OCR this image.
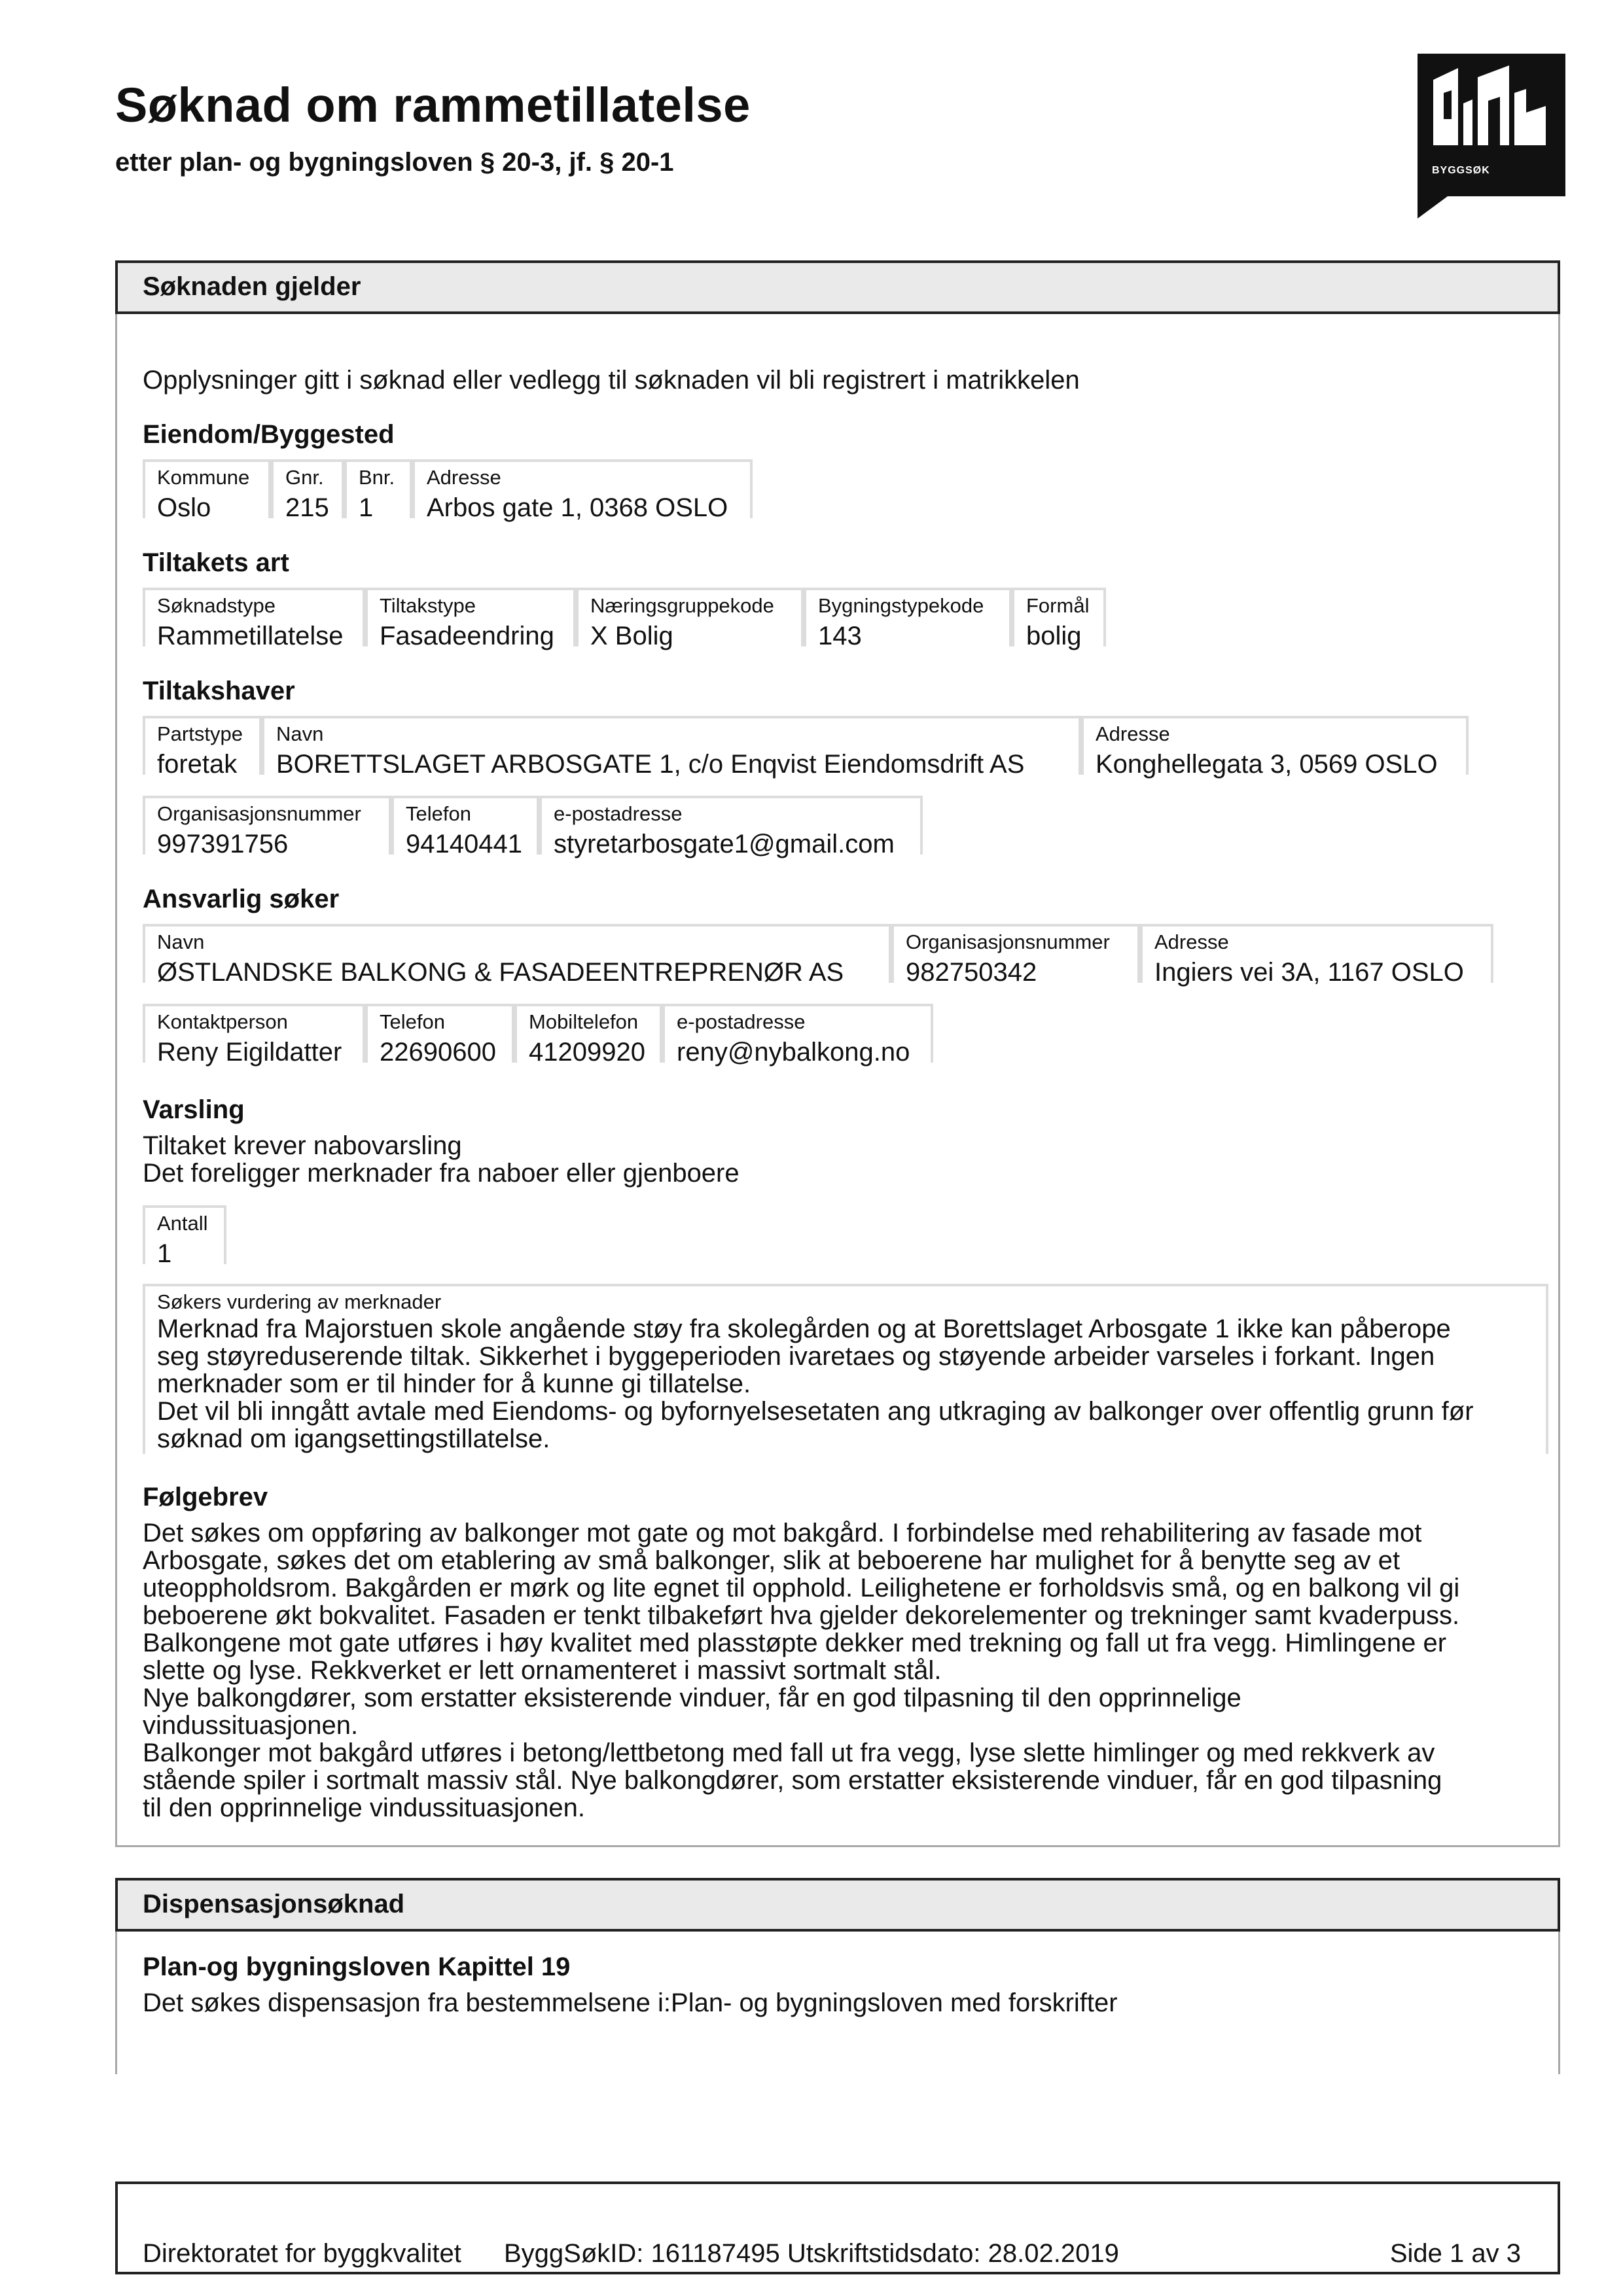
Søknad om rammetillatelse
etter plan- og bygningsloven § 20-3, jf. § 20-1	BYGGSØK
Søknaden gjelder
Opplysninger gitt i søknad eller vedlegg til søknaden vil bli registrert i matrikkelen
Eiendom/Byggested
Kommune
Oslo
Gnr.
215
Bnr.
1
Adresse
Arbos gate 1, 0368 OSLO
Tiltakets art
Søknadstype
Rammetillatelse
Tiltakstype
Fasadeendring
Næringsgruppekode
X Bolig
Bygningstypekode
143
Formål
bolig
Tiltakshaver
Partstype
foretak
Navn
BORETTSLAGET ARBOSGATE 1, c/o Enqvist Eiendomsdrift AS
Adresse
Konghellegata 3, 0569 OSLO
Organisasjonsnummer
997391756
Telefon
94140441
e-postadresse
styretarbosgate1@gmail.com
Ansvarlig søker
Navn
ØSTLANDSKE BALKONG & FASADEENTREPRENØR AS
Organisasjonsnummer
982750342
Adresse
Ingiers vei 3A, 1167 OSLO
Kontaktperson
Reny Eigildatter
Telefon
22690600
Mobiltelefon
41209920
e-postadresse
reny@nybalkong.no
Varsling
Tiltaket krever nabovarsling
Det foreligger merknader fra naboer eller gjenboere
Antall
1
Søkers vurdering av merknader
Merknad fra Majorstuen skole angående støy fra skolegården og at Borettslaget Arbosgate 1 ikke kan påberope
seg støyreduserende tiltak. Sikkerhet i byggeperioden ivaretaes og støyende arbeider varseles i forkant. Ingen
merknader som er til hinder for å kunne gi tillatelse.
Det vil bli inngått avtale med Eiendoms- og byfornyelsesetaten ang utkraging av balkonger over offentlig grunn før
søknad om igangsettingstillatelse.
Følgebrev
Det søkes om oppføring av balkonger mot gate og mot bakgård. I forbindelse med rehabilitering av fasade mot
Arbosgate, søkes det om etablering av små balkonger, slik at beboerene har mulighet for å benytte seg av et
uteoppholdsrom. Bakgården er mørk og lite egnet til opphold. Leilighetene er forholdsvis små, og en balkong vil gi
beboerene økt bokvalitet. Fasaden er tenkt tilbakeført hva gjelder dekorelementer og trekninger samt kvaderpuss.
Balkongene mot gate utføres i høy kvalitet med plasstøpte dekker med trekning og fall ut fra vegg. Himlingene er
slette og lyse. Rekkverket er lett ornamenteret i massivt sortmalt stål.
Nye balkongdører, som erstatter eksisterende vinduer, får en god tilpasning til den opprinnelige
vindussituasjonen.
Balkonger mot bakgård utføres i betong/lettbetong med fall ut fra vegg, lyse slette himlinger og med rekkverk av
stående spiler i sortmalt massiv stål. Nye balkongdører, som erstatter eksisterende vinduer, får en god tilpasning
til den opprinnelige vindussituasjonen.
Dispensasjonsøknad
Plan-og bygningsloven Kapittel 19
Det søkes dispensasjon fra bestemmelsene i:Plan- og bygningsloven med forskrifter
Direktoratet for byggkvalitet ByggSøkID: 161187495 Utskriftstidsdato: 28.02.2019	Side 1 av 3
